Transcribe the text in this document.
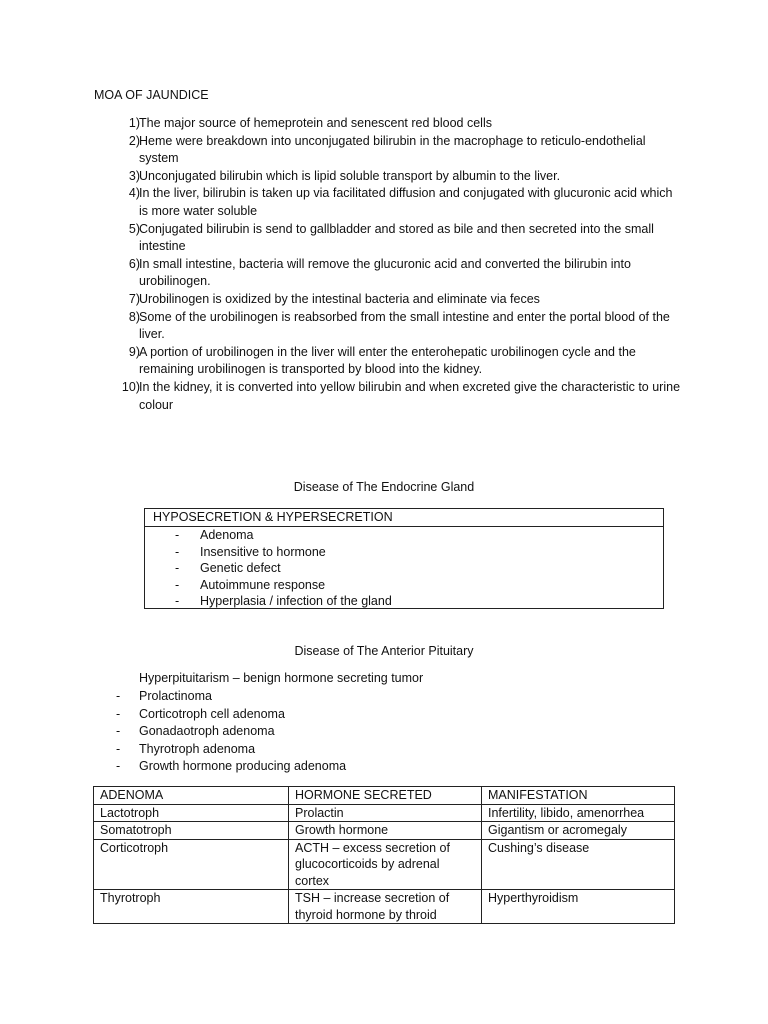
MOA OF JAUNDICE
1) The major source of hemeprotein and senescent red blood cells
2) Heme were breakdown into unconjugated bilirubin in the macrophage to reticulo-endothelial system
3) Unconjugated bilirubin which is lipid soluble transport by albumin to the liver.
4) In the liver, bilirubin is taken up via facilitated diffusion and conjugated with glucuronic acid which is more water soluble
5) Conjugated bilirubin is send to gallbladder and stored as bile and then secreted into the small intestine
6) In small intestine, bacteria will remove the glucuronic acid and converted the bilirubin into urobilinogen.
7) Urobilinogen is oxidized by the intestinal bacteria and eliminate via feces
8) Some of the urobilinogen is reabsorbed from the small intestine and enter the portal blood of the liver.
9) A portion of urobilinogen in the liver will enter the enterohepatic urobilinogen cycle and the remaining urobilinogen is transported by blood into the kidney.
10) In the kidney, it is converted into yellow bilirubin and when excreted give the characteristic to urine colour
Disease of The Endocrine Gland
HYPOSECRETION & HYPERSECRETION
- Adenoma
- Insensitive to hormone
- Genetic defect
- Autoimmune response
- Hyperplasia / infection of the gland
Disease of The Anterior Pituitary
Hyperpituitarism – benign hormone secreting tumor
- Prolactinoma
- Corticotroph cell adenoma
- Gonadaotroph adenoma
- Thyrotroph adenoma
- Growth hormone producing adenoma
ADENOMA	HORMONE SECRETED	MANIFESTATION
Lactotroph	Prolactin	Infertility, libido, amenorrhea
Somatotroph	Growth hormone	Gigantism or acromegaly
Corticotroph	ACTH – excess secretion of glucocorticoids by adrenal cortex	Cushing’s disease
Thyrotroph	TSH – increase secretion of thyroid hormone by throid	Hyperthyroidism
